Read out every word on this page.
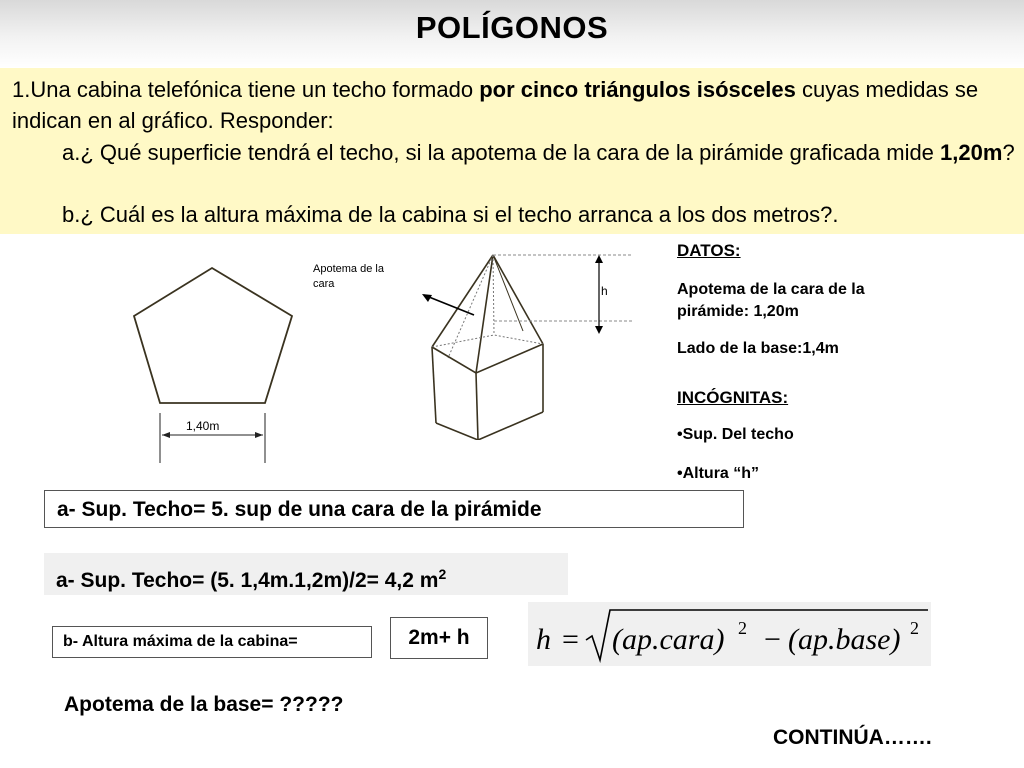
POLÍGONOS

1.Una cabina telefónica tiene un techo formado por cinco triángulos isósceles cuyas medidas se indican en al gráfico. Responder:

a.¿ Qué superficie tendrá el techo, si la apotema de la cara de la pirámide graficada mide 1,20m?

b.¿ Cuál es la altura máxima de la cabina si el techo arranca a los dos metros?.

1,40m
Apotema de la
cara	h
DATOS:
Apotema de la cara de la
pirámide: 1,20m
Lado de la base:1,4m
INCÓGNITAS:
•Sup. Del techo
•Altura “h”
a- Sup. Techo= 5. sup de una cara de la pirámide
a- Sup. Techo= (5. 1,4m.1,2m)/2= 4,2 $m^2$
b- Altura máxima de la cabina=	2m+ h	h = (ap.cara) 2 − (ap.base) 2
Apotema de la base= ?????
CONTINÚA…….
